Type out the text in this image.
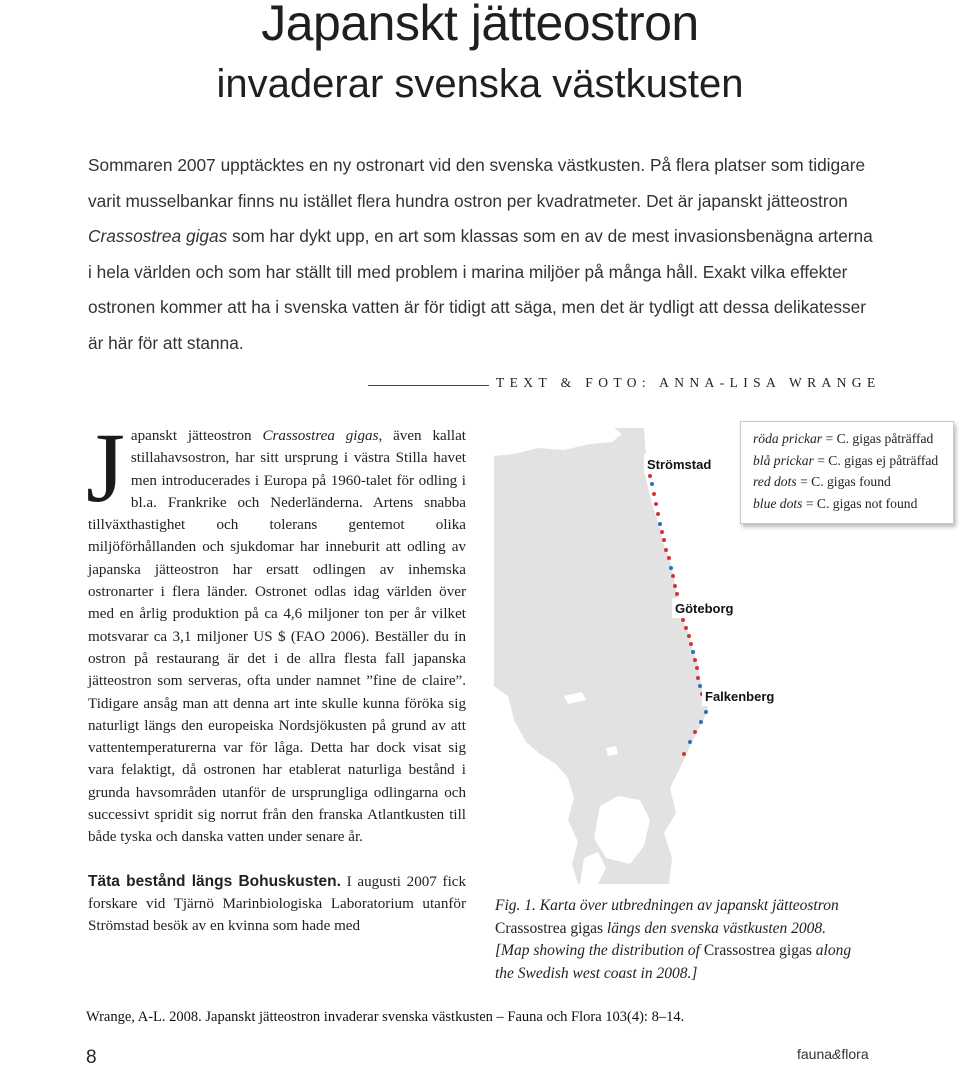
Japanskt jätteostron
invaderar svenska västkusten
Sommaren 2007 upptäcktes en ny ostronart vid den svenska västkusten. På flera platser som tidigare varit musselbankar finns nu istället flera hundra ostron per kvadratmeter. Det är japanskt jätteostron Crassostrea gigas som har dykt upp, en art som klassas som en av de mest invasionsbenägna arterna i hela världen och som har ställt till med problem i marina miljöer på många håll. Exakt vilka effekter ostronen kommer att ha i svenska vatten är för tidigt att säga, men det är tydligt att dessa delikatesser är här för att stanna.
TEXT & FOTO: ANNA-LISA WRANGE

Japanskt jätteostron Crassostrea gigas, även kallat stillahavsostron, har sitt ursprung i västra Stilla havet men introducerades i Europa på 1960-talet för odling i bl.a. Frankrike och Nederländerna. Artens snabba tillväxthastighet och tolerans gentemot olika miljöförhållanden och sjukdomar har inneburit att odling av japanska jätteostron har ersatt odlingen av inhemska ostronarter i flera länder. Ostronet odlas idag världen över med en årlig produktion på ca 4,6 miljoner ton per år vilket motsvarar ca 3,1 miljoner US $ (FAO 2006). Beställer du in ostron på restaurang är det i de allra flesta fall japanska jätteostron som serveras, ofta under namnet ”fine de claire”. Tidigare ansåg man att denna art inte skulle kunna föröka sig naturligt längs den europeiska Nordsjökusten på grund av att vattentemperaturerna var för låga. Detta har dock visat sig vara felaktigt, då ostronen har etablerat naturliga bestånd i grunda havsområden utanför de ursprungliga odlingarna och successivt spridit sig norrut från den franska Atlantkusten till både tyska och danska vatten under senare år.

Täta bestånd längs Bohuskusten. I augusti 2007 fick forskare vid Tjärnö Marinbiologiska Laboratorium utanför Strömstad besök av en kvinna som hade med

Strömstad
Göteborg
Falkenberg
röda prickar = C. gigas påträffad
blå prickar = C. gigas ej påträffad
red dots = C. gigas found
blue dots = C. gigas not found
Fig. 1. Karta över utbredningen av japanskt jätteostron
Crassostrea gigas längs den svenska västkusten 2008.
[Map showing the distribution of Crassostrea gigas along
the Swedish west coast in 2008.]
Wrange, A-L. 2008. Japanskt jätteostron invaderar svenska västkusten – Fauna och Flora 103(4): 8–14.
8	fauna&flora
